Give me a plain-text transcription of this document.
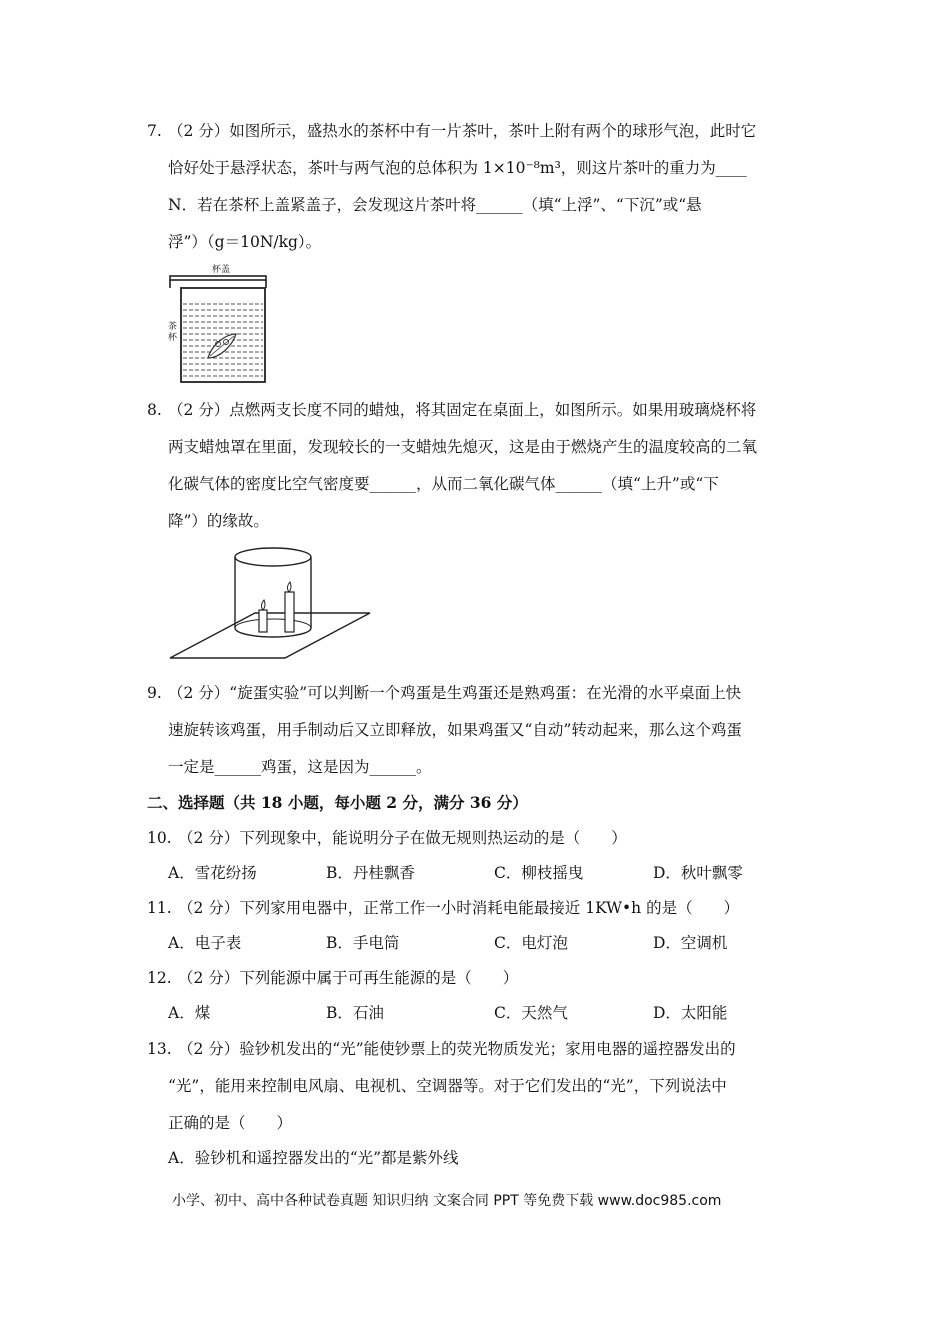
7. （2 分）如图所示，盛热水的茶杯中有一片茶叶，茶叶上附有两个的球形气泡，此时它
恰好处于悬浮状态，茶叶与两气泡的总体积为 1×10⁻⁸m³，则这片茶叶的重力为____
N．若在茶杯上盖紧盖子，会发现这片茶叶将______（填“上浮”、“下沉”或“悬
浮”）（g＝10N/kg）。
杯盖
茶杯
8. （2 分）点燃两支长度不同的蜡烛，将其固定在桌面上，如图所示。如果用玻璃烧杯将
两支蜡烛罩在里面，发现较长的一支蜡烛先熄灭，这是由于燃烧产生的温度较高的二氧
化碳气体的密度比空气密度要______，从而二氧化碳气体______（填“上升”或“下
降”）的缘故。
9. （2 分）“旋蛋实验”可以判断一个鸡蛋是生鸡蛋还是熟鸡蛋：在光滑的水平桌面上快
速旋转该鸡蛋，用手制动后又立即释放，如果鸡蛋又“自动”转动起来，那么这个鸡蛋
一定是______鸡蛋，这是因为______。
二、选择题（共 18 小题，每小题 2 分，满分 36 分）
10. （2 分）下列现象中，能说明分子在做无规则热运动的是（　　）
A．雪花纷扬	B．丹桂飘香	C．柳枝摇曳	D．秋叶飘零
11. （2 分）下列家用电器中，正常工作一小时消耗电能最接近 1KW•h 的是（　　）
A．电子表	B．手电筒	C．电灯泡	D．空调机
12. （2 分）下列能源中属于可再生能源的是（　　）
A．煤	B．石油	C．天然气	D．太阳能
13. （2 分）验钞机发出的“光”能使钞票上的荧光物质发光；家用电器的遥控器发出的
“光”，能用来控制电风扇、电视机、空调器等。对于它们发出的“光”，下列说法中
正确的是（　　）
A．验钞机和遥控器发出的“光”都是紫外线
小学、初中、高中各种试卷真题 知识归纳 文案合同 PPT 等免费下载 www.doc985.com
